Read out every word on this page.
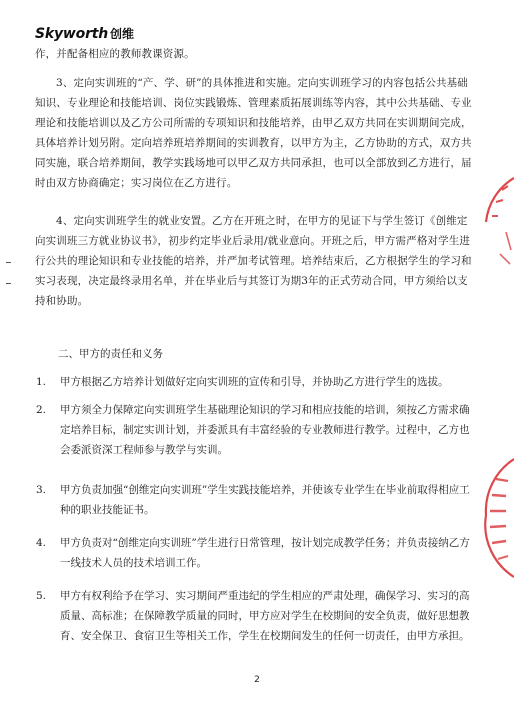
Skyworth 创维

作，并配备相应的教师教课资源。

3、定向实训班的“产、学、研”的具体推进和实施。定向实训班学习的内容包括公共基础知识、专业理论和技能培训、岗位实践锻炼、管理素质拓展训练等内容，其中公共基础、专业理论和技能培训以及乙方公司所需的专项知识和技能培养，由甲乙双方共同在实训期间完成，具体培养计划另附。定向培养班培养期间的实训教育，以甲方为主，乙方协助的方式，双方共同实施，联合培养期间，教学实践场地可以甲乙双方共同承担，也可以全部放到乙方进行，届时由双方协商确定；实习岗位在乙方进行。

4、定向实训班学生的就业安置。乙方在开班之时，在甲方的见证下与学生签订《创维定向实训班三方就业协议书》，初步约定毕业后录用/就业意向。开班之后，甲方需严格对学生进行公共的理论知识和专业技能的培养，并严加考试管理。培养结束后，乙方根据学生的学习和实习表现，决定最终录用名单，并在毕业后与其签订为期3年的正式劳动合同，甲方须给以支持和协助。

二、甲方的责任和义务

1.	甲方根据乙方培养计划做好定向实训班的宣传和引导，并协助乙方进行学生的选拔。
2.	甲方须全力保障定向实训班学生基础理论知识的学习和相应技能的培训，须按乙方需求确定培养目标，制定实训计划，并委派具有丰富经验的专业教师进行教学。过程中，乙方也会委派资深工程师参与教学与实训。
3.	甲方负责加强“创维定向实训班”学生实践技能培养，并使该专业学生在毕业前取得相应工种的职业技能证书。
4.	甲方负责对“创维定向实训班”学生进行日常管理，按计划完成教学任务；并负责接纳乙方一线技术人员的技术培训工作。
5.	甲方有权利给予在学习、实习期间严重违纪的学生相应的严肃处理，确保学习、实习的高质量、高标准；在保障教学质量的同时，甲方应对学生在校期间的安全负责，做好思想教育、安全保卫、食宿卫生等相关工作，学生在校期间发生的任何一切责任，由甲方承担。
2
